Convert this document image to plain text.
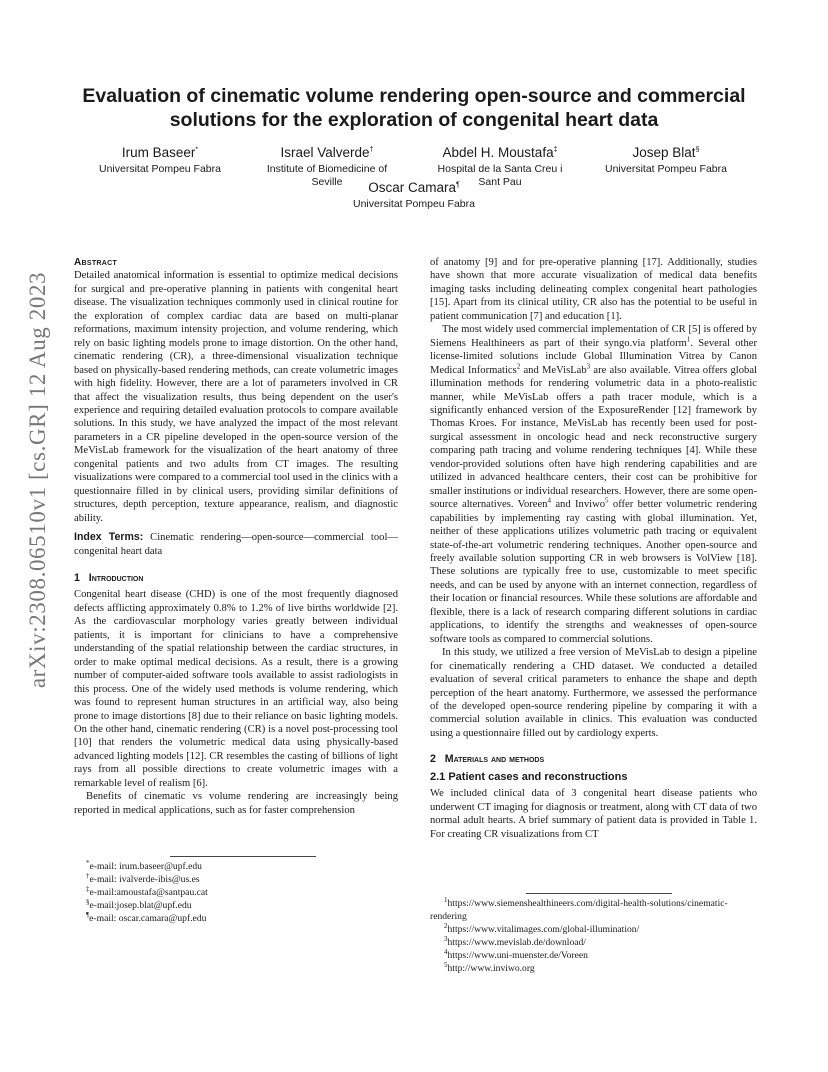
arXiv:2308.06510v1 [cs.GR] 12 Aug 2023
Evaluation of cinematic volume rendering open-source and commercial
solutions for the exploration of congenital heart data
Irum Baseer*
Universitat Pompeu Fabra
Israel Valverde†
Institute of Biomedicine of
Seville
Abdel H. Moustafa‡
Hospital de la Santa Creu i
Sant Pau
Josep Blat§
Universitat Pompeu Fabra
Oscar Camara¶
Universitat Pompeu Fabra

Abstract

Detailed anatomical information is essential to optimize medical decisions for surgical and pre-operative planning in patients with congenital heart disease. The visualization techniques commonly used in clinical routine for the exploration of complex cardiac data are based on multi-planar reformations, maximum intensity projection, and volume rendering, which rely on basic lighting models prone to image distortion. On the other hand, cinematic rendering (CR), a three-dimensional visualization technique based on physically-based rendering methods, can create volumetric images with high fidelity. However, there are a lot of parameters involved in CR that affect the visualization results, thus being dependent on the user's experience and requiring detailed evaluation protocols to compare available solutions. In this study, we have analyzed the impact of the most relevant parameters in a CR pipeline developed in the open-source version of the MeVisLab framework for the visualization of the heart anatomy of three congenital patients and two adults from CT images. The resulting visualizations were compared to a commercial tool used in the clinics with a questionnaire filled in by clinical users, providing similar definitions of structures, depth perception, texture appearance, realism, and diagnostic ability.

Index Terms: Cinematic rendering—open-source—commercial tool—congenital heart data

1 Introduction

Congenital heart disease (CHD) is one of the most frequently diagnosed defects afflicting approximately 0.8% to 1.2% of live births worldwide [2]. As the cardiovascular morphology varies greatly between individual patients, it is important for clinicians to have a comprehensive understanding of the spatial relationship between the cardiac structures, in order to make optimal medical decisions. As a result, there is a growing number of computer-aided software tools available to assist radiologists in this process. One of the widely used methods is volume rendering, which was found to represent human structures in an artificial way, also being prone to image distortions [8] due to their reliance on basic lighting models. On the other hand, cinematic rendering (CR) is a novel post-processing tool [10] that renders the volumetric medical data using physically-based advanced lighting models [12]. CR resembles the casting of billions of light rays from all possible directions to create volumetric images with a remarkable level of realism [6].

Benefits of cinematic vs volume rendering are increasingly being reported in medical applications, such as for faster comprehension

*e-mail: irum.baseer@upf.edu

†e-mail: ivalverde-ibis@us.es

‡e-mail:amoustafa@santpau.cat

§e-mail:josep.blat@upf.edu

¶e-mail: oscar.camara@upf.edu

of anatomy [9] and for pre-operative planning [17]. Additionally, studies have shown that more accurate visualization of medical data benefits imaging tasks including delineating complex congenital heart pathologies [15]. Apart from its clinical utility, CR also has the potential to be useful in patient communication [7] and education [1].

The most widely used commercial implementation of CR [5] is offered by Siemens Healthineers as part of their syngo.via platform$^1$. Several other license-limited solutions include Global Illumination Vitrea by Canon Medical Informatics$^2$ and MeVisLab$^3$ are also available. Vitrea offers global illumination methods for rendering volumetric data in a photo-realistic manner, while MeVisLab offers a path tracer module, which is a significantly enhanced version of the ExposureRender [12] framework by Thomas Kroes. For instance, MeVisLab has recently been used for post-surgical assessment in oncologic head and neck reconstructive surgery comparing path tracing and volume rendering techniques [4]. While these vendor-provided solutions often have high rendering capabilities and are utilized in advanced healthcare centers, their cost can be prohibitive for smaller institutions or individual researchers. However, there are some open-source alternatives. Voreen$^4$ and Inviwo$^5$ offer better volumetric rendering capabilities by implementing ray casting with global illumination. Yet, neither of these applications utilizes volumetric path tracing or equivalent state-of-the-art volumetric rendering techniques. Another open-source and freely available solution supporting CR in web browsers is VolView [18]. These solutions are typically free to use, customizable to meet specific needs, and can be used by anyone with an internet connection, regardless of their location or financial resources. While these solutions are affordable and flexible, there is a lack of research comparing different solutions in cardiac applications, to identify the strengths and weaknesses of open-source software tools as compared to commercial solutions.

In this study, we utilized a free version of MeVisLab to design a pipeline for cinematically rendering a CHD dataset. We conducted a detailed evaluation of several critical parameters to enhance the shape and depth perception of the heart anatomy. Furthermore, we assessed the performance of the developed open-source rendering pipeline by comparing it with a commercial solution available in clinics. This evaluation was conducted using a questionnaire filled out by cardiology experts.

2 Materials and methods

2.1 Patient cases and reconstructions

We included clinical data of 3 congenital heart disease patients who underwent CT imaging for diagnosis or treatment, along with CT data of two normal adult hearts. A brief summary of patient data is provided in Table 1. For creating CR visualizations from CT

$^1$https://www.siemenshealthineers.com/digital-health-solutions/cinematic-rendering

$^2$https://www.vitalimages.com/global-illumination/

$^3$https://www.mevislab.de/download/

$^4$https://www.uni-muenster.de/Voreen

$^5$http://www.inviwo.org
